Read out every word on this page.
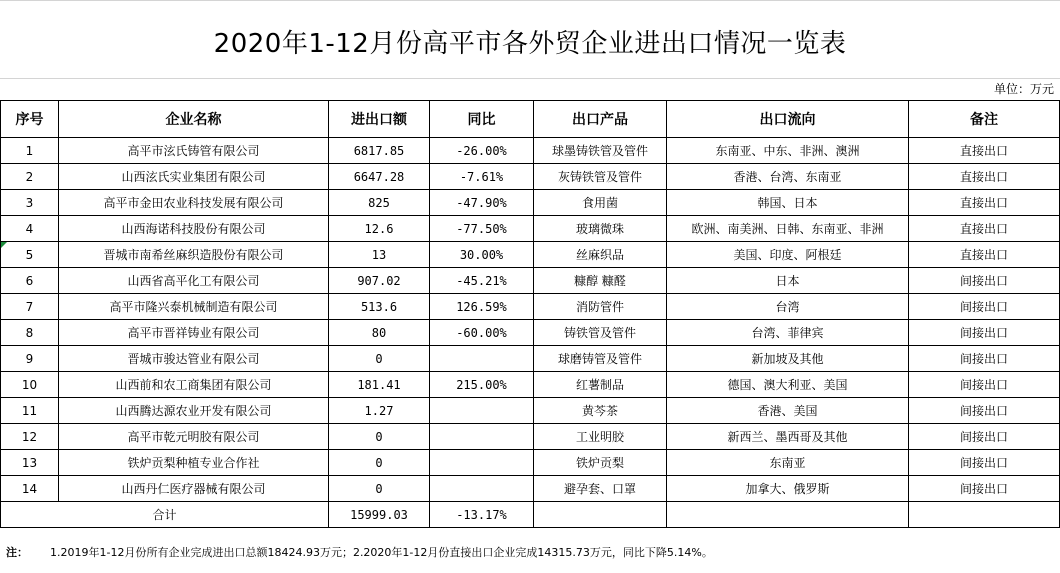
2020年1-12月份高平市各外贸企业进出口情况一览表
单位：万元
序号	企业名称	进出口额	同比	出口产品	出口流向	备注
1	高平市泫氏铸管有限公司	6817.85	-26.00%	球墨铸铁管及管件	东南亚、中东、非洲、澳洲	直接出口
2	山西泫氏实业集团有限公司	6647.28	-7.61%	灰铸铁管及管件	香港、台湾、东南亚	直接出口
3	高平市金田农业科技发展有限公司	825	-47.90%	食用菌	韩国、日本	直接出口
4	山西海诺科技股份有限公司	12.6	-77.50%	玻璃微珠	欧洲、南美洲、日韩、东南亚、非洲	直接出口
5	晋城市南希丝麻织造股份有限公司	13	30.00%	丝麻织品	美国、印度、阿根廷	直接出口
6	山西省高平化工有限公司	907.02	-45.21%	糠醇 糠醛	日本	间接出口
7	高平市隆兴泰机械制造有限公司	513.6	126.59%	消防管件	台湾	间接出口
8	高平市晋祥铸业有限公司	80	-60.00%	铸铁管及管件	台湾、菲律宾	间接出口
9	晋城市骏达管业有限公司	0		球磨铸管及管件	新加坡及其他	间接出口
10	山西前和农工商集团有限公司	181.41	215.00%	红薯制品	德国、澳大利亚、美国	间接出口
11	山西腾达源农业开发有限公司	1.27		黄芩茶	香港、美国	间接出口
12	高平市乾元明胶有限公司	0		工业明胶	新西兰、墨西哥及其他	间接出口
13	铁炉贡梨种植专业合作社	0		铁炉贡梨	东南亚	间接出口
14	山西丹仁医疗器械有限公司	0		避孕套、口罩	加拿大、俄罗斯	间接出口
合计		15999.03	-13.17%			
注： 1.2019年1-12月份所有企业完成进出口总额18424.93万元；2.2020年1-12月份直接出口企业完成14315.73万元，同比下降5.14%。
